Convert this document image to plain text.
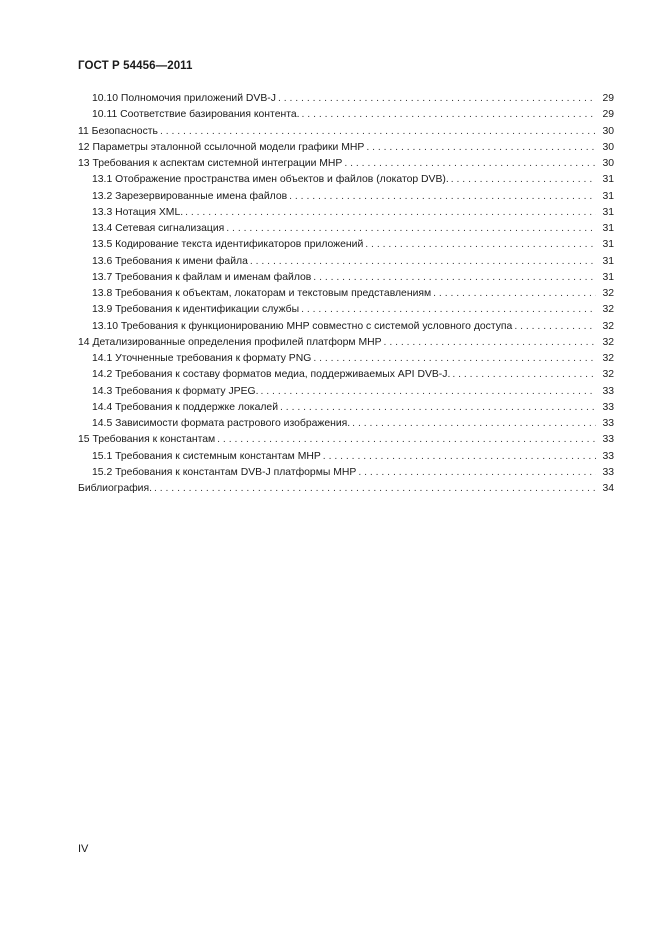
ГОСТ Р 54456—2011
10.10 Полномочия приложений DVB-J . . .	29
10.11 Соответствие базирования контента. . . .	29
11 Безопасность . . .	30
12 Параметры эталонной ссылочной модели графики MHP . . .	30
13 Требования к аспектам системной интеграции MHP . . .	30
13.1 Отображение пространства имен объектов и файлов (локатор DVB). . . .	31
13.2 Зарезервированные имена файлов . . .	31
13.3 Нотация XML. . . .	31
13.4 Сетевая сигнализация . . .	31
13.5 Кодирование текста идентификаторов приложений . . .	31
13.6 Требования к имени файла . . .	31
13.7 Требования к файлам и именам файлов . . .	31
13.8 Требования к объектам, локаторам и текстовым представлениям . . .	32
13.9 Требования к идентификации службы . . .	32
13.10 Требования к функционированию MHP совместно с системой условного доступа . . .	32
14 Детализированные определения профилей платформ MHP . . .	32
14.1 Уточненные требования к формату PNG . . .	32
14.2 Требования к составу форматов медиа, поддерживаемых API DVB-J. . . .	32
14.3 Требования к формату JPEG. . . .	33
14.4 Требования к поддержке локалей . . .	33
14.5 Зависимости формата растрового изображения. . . .	33
15 Требования к константам . . .	33
15.1 Требования к системным константам MHP . . .	33
15.2 Требования к константам DVB-J платформы MHP . . .	33
Библиография. . . .	34
IV
